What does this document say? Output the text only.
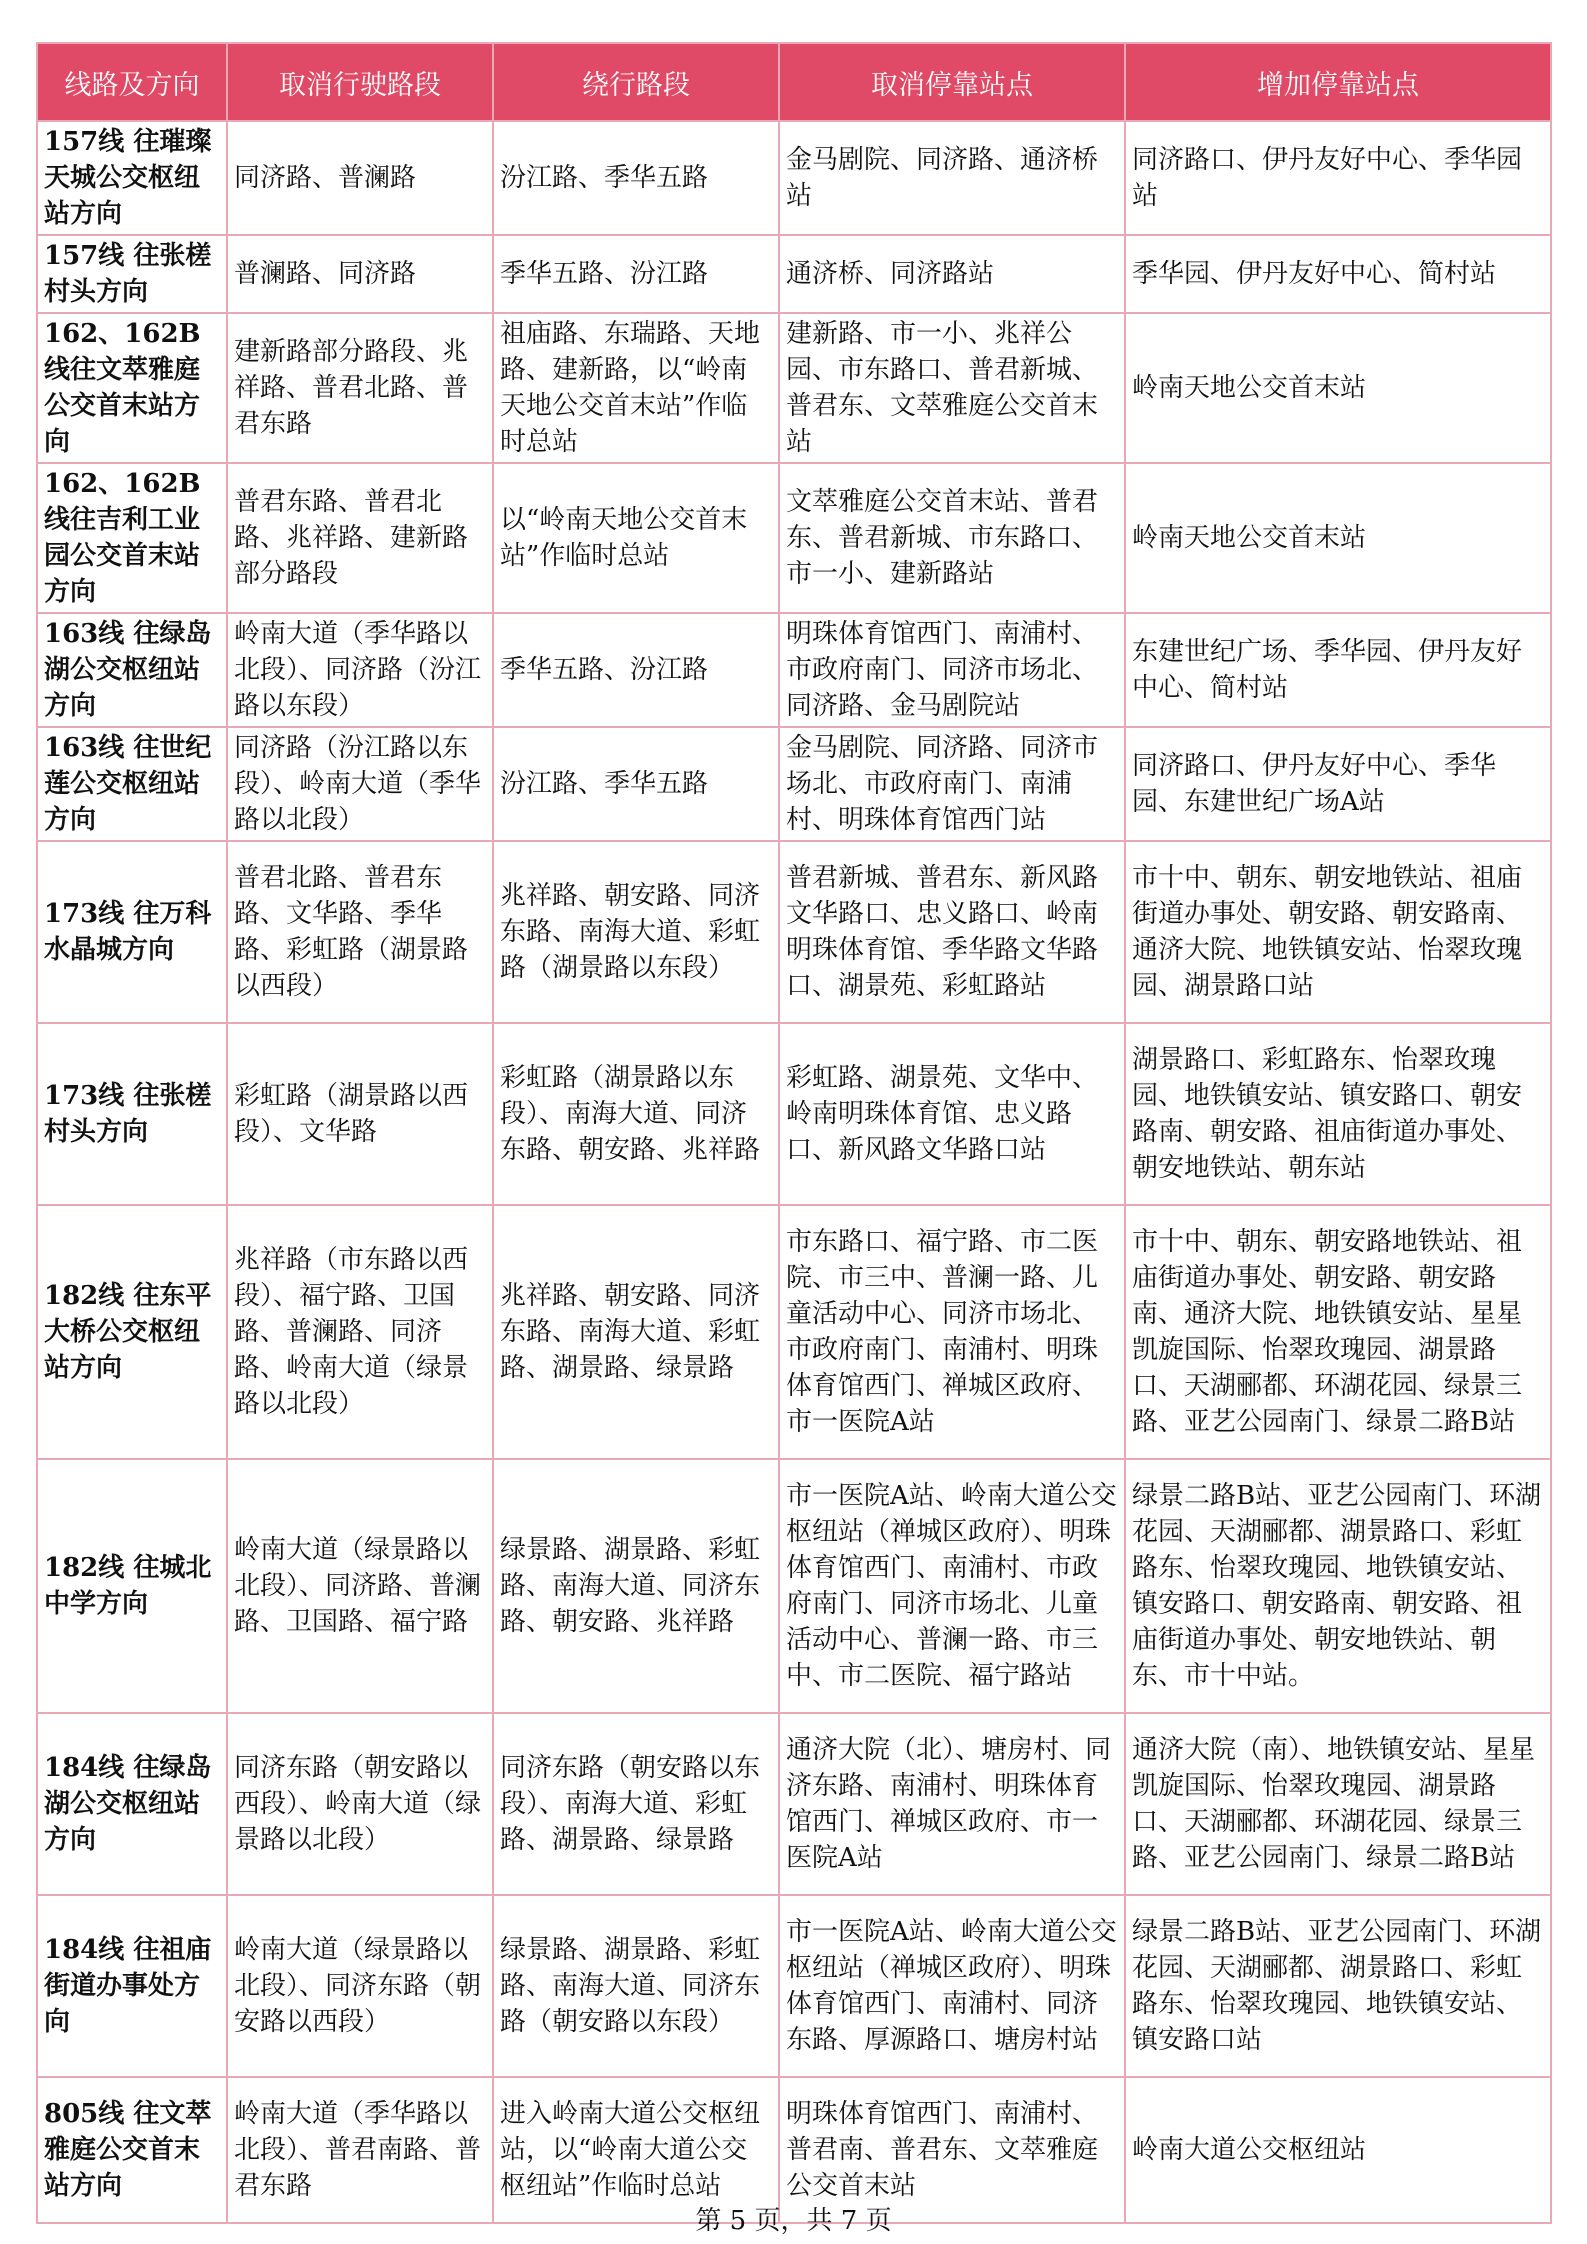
线路及方向	取消行驶路段	绕行路段	取消停靠站点	增加停靠站点
157线 往璀璨天城公交枢纽站方向	同济路、普澜路	汾江路、季华五路	金马剧院、同济路、通济桥站	同济路口、伊丹友好中心、季华园站
157线 往张槎村头方向	普澜路、同济路	季华五路、汾江路	通济桥、同济路站	季华园、伊丹友好中心、简村站
162、162B线往文萃雅庭公交首末站方向	建新路部分路段、兆祥路、普君北路、普君东路	祖庙路、东瑞路、天地路、建新路，以“岭南天地公交首末站”作临时总站	建新路、市一小、兆祥公园、市东路口、普君新城、普君东、文萃雅庭公交首末站	岭南天地公交首末站
162、162B线往吉利工业园公交首末站方向	普君东路、普君北路、兆祥路、建新路部分路段	以“岭南天地公交首末站”作临时总站	文萃雅庭公交首末站、普君东、普君新城、市东路口、市一小、建新路站	岭南天地公交首末站
163线 往绿岛湖公交枢纽站方向	岭南大道（季华路以北段）、同济路（汾江路以东段）	季华五路、汾江路	明珠体育馆西门、南浦村、市政府南门、同济市场北、同济路、金马剧院站	东建世纪广场、季华园、伊丹友好中心、简村站
163线 往世纪莲公交枢纽站方向	同济路（汾江路以东段）、岭南大道（季华路以北段）	汾江路、季华五路	金马剧院、同济路、同济市场北、市政府南门、南浦村、明珠体育馆西门站	同济路口、伊丹友好中心、季华园、东建世纪广场A站
173线 往万科水晶城方向	普君北路、普君东路、文华路、季华路、彩虹路（湖景路以西段）	兆祥路、朝安路、同济东路、南海大道、彩虹路（湖景路以东段）	普君新城、普君东、新风路文华路口、忠义路口、岭南明珠体育馆、季华路文华路口、湖景苑、彩虹路站	市十中、朝东、朝安地铁站、祖庙街道办事处、朝安路、朝安路南、通济大院、地铁镇安站、怡翠玫瑰园、湖景路口站
173线 往张槎村头方向	彩虹路（湖景路以西段）、文华路	彩虹路（湖景路以东段）、南海大道、同济东路、朝安路、兆祥路	彩虹路、湖景苑、文华中、岭南明珠体育馆、忠义路口、新风路文华路口站	湖景路口、彩虹路东、怡翠玫瑰园、地铁镇安站、镇安路口、朝安路南、朝安路、祖庙街道办事处、朝安地铁站、朝东站
182线 往东平大桥公交枢纽站方向	兆祥路（市东路以西段）、福宁路、卫国路、普澜路、同济路、岭南大道（绿景路以北段）	兆祥路、朝安路、同济东路、南海大道、彩虹路、湖景路、绿景路	市东路口、福宁路、市二医院、市三中、普澜一路、儿童活动中心、同济市场北、市政府南门、南浦村、明珠体育馆西门、禅城区政府、市一医院A站	市十中、朝东、朝安路地铁站、祖庙街道办事处、朝安路、朝安路南、通济大院、地铁镇安站、星星凯旋国际、怡翠玫瑰园、湖景路口、天湖郦都、环湖花园、绿景三路、亚艺公园南门、绿景二路B站
182线 往城北中学方向	岭南大道（绿景路以北段）、同济路、普澜路、卫国路、福宁路	绿景路、湖景路、彩虹路、南海大道、同济东路、朝安路、兆祥路	市一医院A站、岭南大道公交枢纽站（禅城区政府）、明珠体育馆西门、南浦村、市政府南门、同济市场北、儿童活动中心、普澜一路、市三中、市二医院、福宁路站	绿景二路B站、亚艺公园南门、环湖花园、天湖郦都、湖景路口、彩虹路东、怡翠玫瑰园、地铁镇安站、镇安路口、朝安路南、朝安路、祖庙街道办事处、朝安地铁站、朝东、市十中站。
184线 往绿岛湖公交枢纽站方向	同济东路（朝安路以西段）、岭南大道（绿景路以北段）	同济东路（朝安路以东段）、南海大道、彩虹路、湖景路、绿景路	通济大院（北）、塘房村、同济东路、南浦村、明珠体育馆西门、禅城区政府、市一医院A站	通济大院（南）、地铁镇安站、星星凯旋国际、怡翠玫瑰园、湖景路口、天湖郦都、环湖花园、绿景三路、亚艺公园南门、绿景二路B站
184线 往祖庙街道办事处方向	岭南大道（绿景路以北段）、同济东路（朝安路以西段）	绿景路、湖景路、彩虹路、南海大道、同济东路（朝安路以东段）	市一医院A站、岭南大道公交枢纽站（禅城区政府）、明珠体育馆西门、南浦村、同济东路、厚源路口、塘房村站	绿景二路B站、亚艺公园南门、环湖花园、天湖郦都、湖景路口、彩虹路东、怡翠玫瑰园、地铁镇安站、镇安路口站
805线 往文萃雅庭公交首末站方向	岭南大道（季华路以北段）、普君南路、普君东路	进入岭南大道公交枢纽站，以“岭南大道公交枢纽站”作临时总站	明珠体育馆西门、南浦村、普君南、普君东、文萃雅庭公交首末站	岭南大道公交枢纽站
第 5 页，共 7 页
